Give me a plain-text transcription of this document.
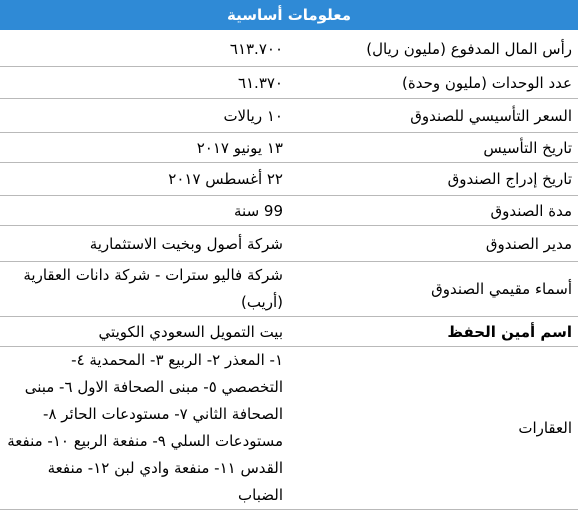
معلومات أساسية	
رأس المال المدفوع (مليون ريال)	٦١٣.٧٠٠
عدد الوحدات (مليون وحدة)	٦١.٣٧٠
السعر التأسيسي للصندوق	١٠ ريالات
تاريخ التأسيس	١٣ يونيو ٢٠١٧
تاريخ إدراج الصندوق	٢٢ أغسطس ٢٠١٧
مدة الصندوق	99 سنة
مدير الصندوق	شركة أصول وبخيت الاستثمارية
أسماء مقيمي الصندوق	شركة فاليو سترات - شركة دانات العقارية (أريب)
اسم أمين الحفظ	بيت التمويل السعودي الكويتي
العقارات	١- المعذر ٢- الربيع ٣- المحمدية ٤- التخصصي ٥- مبنى الصحافة الاول ٦- مبنى الصحافة الثاني ٧- مستودعات الحائر ٨- مستودعات السلي ٩- منفعة الربيع ١٠- منفعة القدس ١١- منفعة وادي لبن ١٢- منفعة الضباب
